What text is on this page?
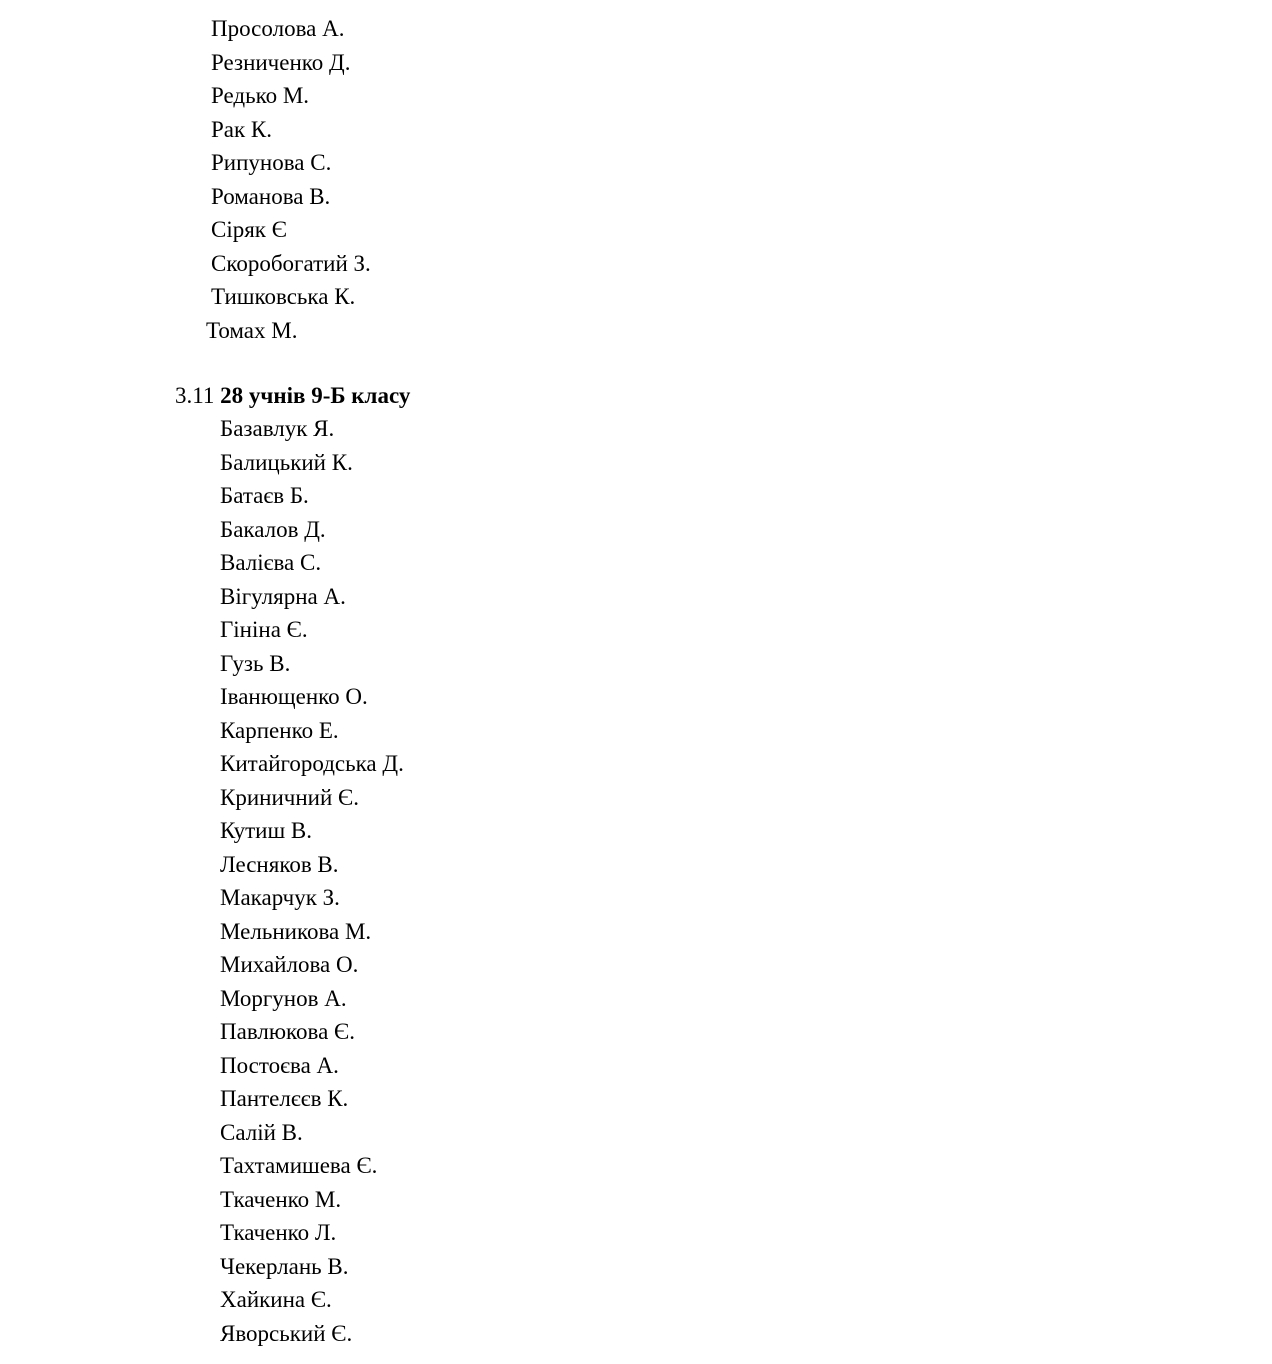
Просолова А.
Резниченко Д.
Редько М.
Рак К.
Рипунова С.
Романова В.
Сіряк Є
Скоробогатий З.
Тишковська К.
Томах М.
3.11 28 учнів 9-Б класу
Базавлук Я.
Балицький К.
Батаєв Б.
Бакалов Д.
Валієва С.
Вігулярна А.
Гініна Є.
Гузь В.
Іванющенко О.
Карпенко Е.
Китайгородська Д.
Криничний Є.
Кутиш В.
Лесняков В.
Макарчук З.
Мельникова М.
Михайлова О.
Моргунов А.
Павлюкова Є.
Постоєва А.
Пантелєєв К.
Салій В.
Тахтамишева Є.
Ткаченко М.
Ткаченко Л.
Чекерлань В.
Хайкина Є.
Яворський Є.
